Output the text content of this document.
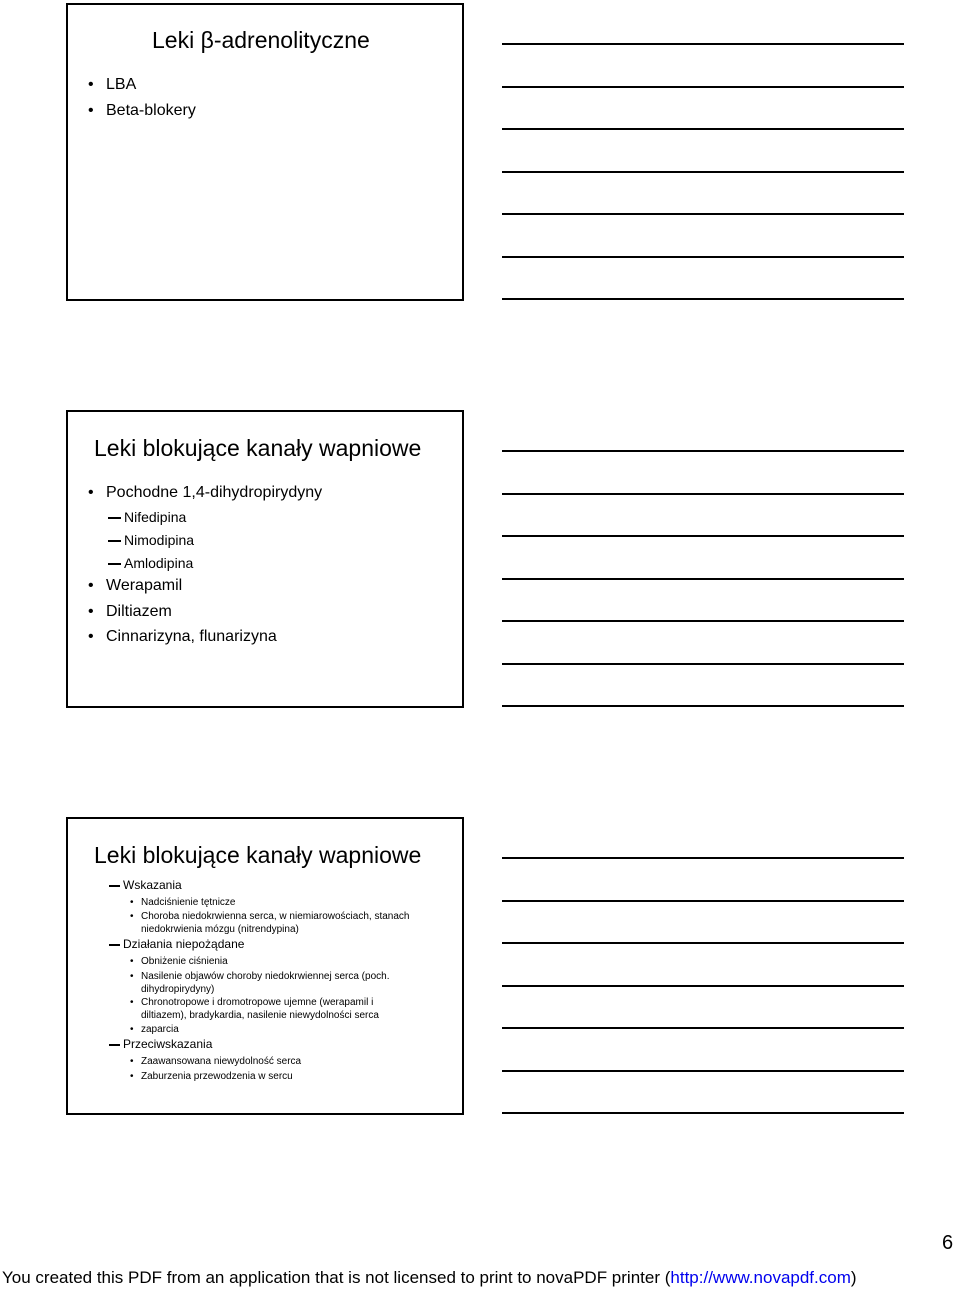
Leki β-adrenolityczne
• LBA
• Beta-blokery
Leki blokujące kanały wapniowe
• Pochodne 1,4-dihydropirydyny
Nifedipina
Nimodipina
Amlodipina
• Werapamil
• Diltiazem
• Cinnarizyna, flunarizyna
Leki blokujące kanały wapniowe
Wskazania
• Nadciśnienie tętnicze
• Choroba niedokrwienna serca, w niemiarowościach, stanach
niedokrwienia mózgu (nitrendypina)
Działania niepożądane
• Obniżenie ciśnienia
• Nasilenie objawów choroby niedokrwiennej serca (poch.
dihydropirydyny)
• Chronotropowe i dromotropowe ujemne (werapamil i
diltiazem), bradykardia, nasilenie niewydolności serca
• zaparcia
Przeciwskazania
• Zaawansowana niewydolność serca
• Zaburzenia przewodzenia w sercu
6
You created this PDF from an application that is not licensed to print to novaPDF printer (http://www.novapdf.com)
